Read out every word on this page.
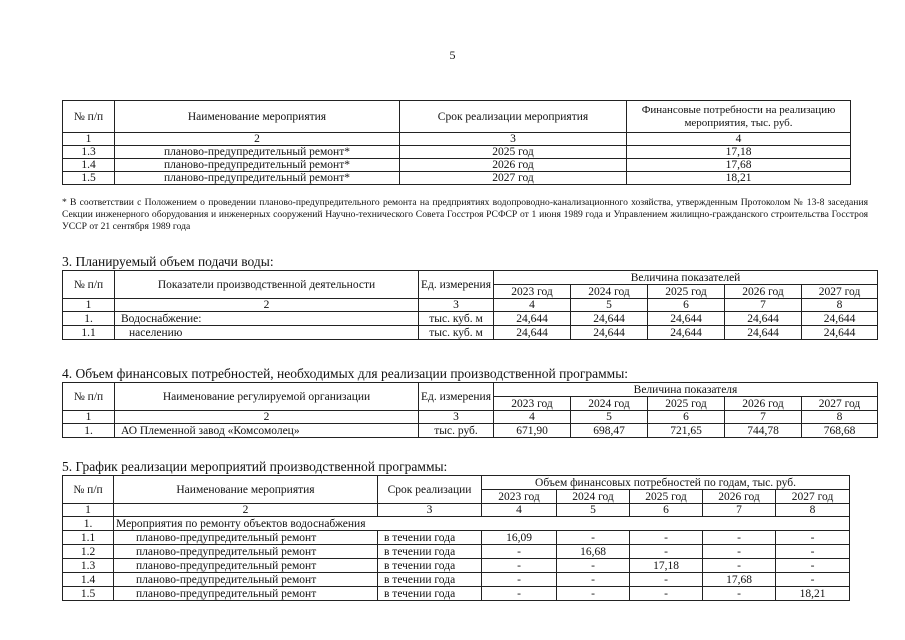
5
№ п/п	Наименование мероприятия	Срок реализации мероприятия	Финансовые потребности на реализацию мероприятия, тыс. руб.
1	2	3	4
1.3	планово-предупредительный ремонт*	2025 год	17,18
1.4	планово-предупредительный ремонт*	2026 год	17,68
1.5	планово-предупредительный ремонт*	2027 год	18,21
* В соответствии с Положением о проведении планово-предупредительного ремонта на предприятиях водопроводно-канализационного хозяйства, утвержденным Протоколом № 13-8 заседания Секции инженерного оборудования и инженерных сооружений Научно-технического Совета Госстроя РСФСР от 1 июня 1989 года и Управлением жилищно-гражданского строительства Госстроя УССР от 21 сентября 1989 года
3. Планируемый объем подачи воды:
№ п/п	Показатели производственной деятельности	Ед. измерения	Величина показателей				
			2023 год	2024 год	2025 год	2026 год	2027 год
1	2	3	4	5	6	7	8
1.	Водоснабжение:	тыс. куб. м	24,644	24,644	24,644	24,644	24,644
1.1	населению	тыс. куб. м	24,644	24,644	24,644	24,644	24,644
4. Объем финансовых потребностей, необходимых для реализации производственной программы:
№ п/п	Наименование регулируемой организации	Ед. измерения	Величина показателя				
			2023 год	2024 год	2025 год	2026 год	2027 год
1	2	3	4	5	6	7	8
1.	АО Племенной завод «Комсомолец»	тыс. руб.	671,90	698,47	721,65	744,78	768,68
5. График реализации мероприятий производственной программы:
№ п/п	Наименование мероприятия	Срок реализации	Объем финансовых потребностей по годам, тыс. руб.				
			2023 год	2024 год	2025 год	2026 год	2027 год
1	2	3	4	5	6	7	8
1.	Мероприятия по ремонту объектов водоснабжения						
1.1	планово-предупредительный ремонт	в течении года	16,09	-	-	-	-
1.2	планово-предупредительный ремонт	в течении года	-	16,68	-	-	-
1.3	планово-предупредительный ремонт	в течении года	-	-	17,18	-	-
1.4	планово-предупредительный ремонт	в течении года	-	-	-	17,68	-
1.5	планово-предупредительный ремонт	в течении года	-	-	-	-	18,21
